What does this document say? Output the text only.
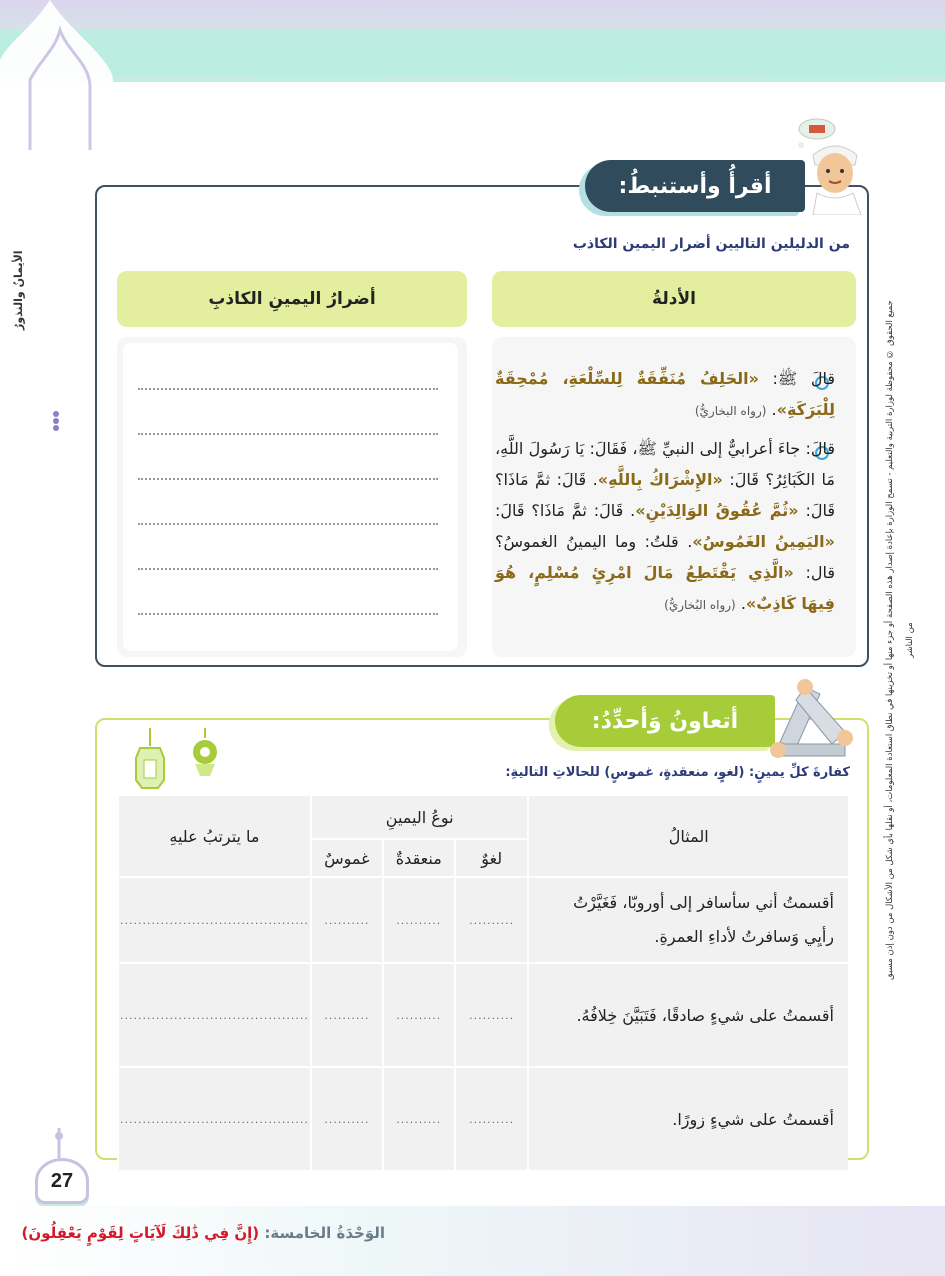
الأيمانُ والنذورُ
جميع الحقوق © محفوظة لوزارة التربية والتعليم - تسمح الوزارة بإعادة إصدار هذه الصفحة أو جزء منها أو تخزينها في نطاق استعادة المعلومات، أو نقلها بأي شكل من الأشكال من دون إذن مسبق من الناشر
أقرأُ وأستنبطُ:
من الدليلين التاليين أضرار اليمين الكاذب
الأدلةُ
أضرارُ اليمينِ الكاذبِ
قالَ ﷺ: «الحَلِفُ مُنَفِّقَةٌ لِلسِّلْعَةِ، مُمْحِقَةٌ لِلْبَرَكَةِ». (رواه البخاريُّ)
قالَ: جاءَ أعرابيٌّ إلى النبيِّ ﷺ، فَقَالَ: يَا رَسُولَ اللَّهِ، مَا الكَبَائِرُ؟ قَالَ: «الإِشْرَاكُ بِاللَّهِ». قَالَ: ثمَّ مَاذَا؟ قَالَ: «ثُمَّ عُقُوقُ الوَالِدَيْنِ». قَالَ: ثمَّ مَاذَا؟ قَالَ: «اليَمِينُ الغَمُوسُ». قلتُ: وما اليمينُ الغموسُ؟ قال: «الَّذِي يَقْتَطِعُ مَالَ امْرِئٍ مُسْلِمٍ، هُوَ فِيهَا كَاذِبٌ». (رواه البُخاريُّ)
أتعاونُ وَأحدِّدُ:
كفارةَ كلِّ يمينٍ: (لغوٍ، منعقدةٍ، غموسٍ) للحالاتِ التاليةِ:
المثالُ	نوعُ اليمينِ			ما يترتبُ عليهِ
	لغوٌ	منعقدةٌ	غموسٌ	
أقسمتُ أني سأسافر إلى أوروبّا، فَغَيَّرْتُ رأيِي وَسافرتُ لأداءِ العمرةِ.	..........	..........	..........	..........................................
أقسمتُ على شيءٍ صادقًا، فَتَبَيَّنَ خِلافُهُ.	..........	..........	..........	..........................................
أقسمتُ على شيءٍ زورًا.	..........	..........	..........	..........................................
27
الوَحْدَةُ الخامسة: (إِنَّ فِي ذَٰلِكَ لَآيَاتٍ لِقَوْمٍ يَعْقِلُونَ)
